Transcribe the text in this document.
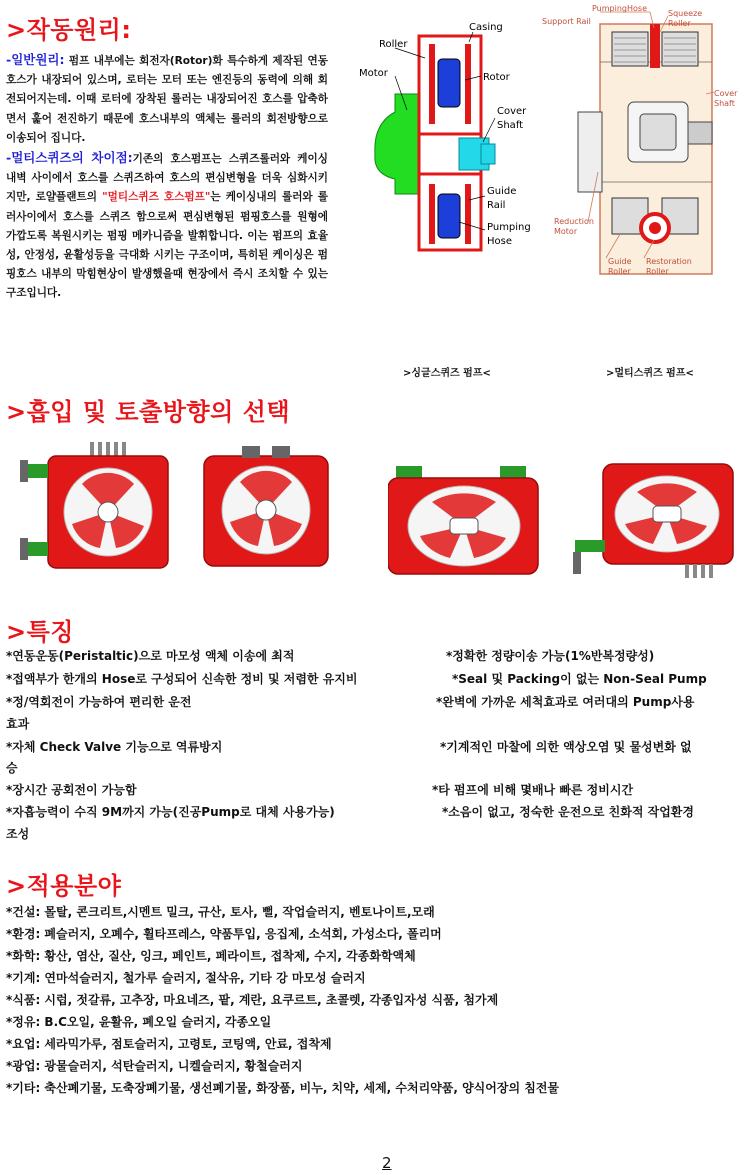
>작동원리:
-일반원리: 펌프 내부에는 회전자(Rotor)화 특수하게 제작된 연동호스가 내장되어 있스며, 로터는 모터 또는 엔진등의 동력에 의해 회전되어지는데. 이때 로터에 장착된 롤러는 내장되어진 호스를 압축하면서 훑어 전진하기 때문에 호스내부의 액체는 롤러의 회전방향으로 이송되어 집니다.
-멀티스퀴즈의 차이점:기존의 호스펌프는 스퀴즈롤러와 케이싱 내벽 사이에서 호스를 스퀴즈하여 호스의 편심변형을 더욱 심화시키지만, 로얄플랜트의 "멀티스퀴즈 호스펌프"는 케이싱내의 롤러와 롤러사이에서 호스를 스퀴즈 함으로써 편심변형된 펌핑호스를 원형에 가깝도록 복원시키는 펌핑 메카니즘을 발휘합니다. 이는 펌프의 효율성, 안정성, 윤활성등을 극대화 시키는 구조이며, 특히된 케이싱은 펌핑호스 내부의 막힘현상이 발생했을때 현장에서 즉시 조치할 수 있는 구조입니다.
Roller
Casing
Motor	Rotor
Cover
Shaft
Guide
Rail
Pumping
Hose
PumpingHose
Squeeze
Roller
Support Rail
Cover
Shaft
Reduction
Motor
Guide
Roller
Restoration
Roller
>싱글스퀴즈 펌프<	>멀티스퀴즈 펌프<
>흡입 및 토출방향의 선택
>특징
*연동운동(Peristaltic)으로 마모성 액체 이송에 최적	*정확한 정량이송 가능(1%반복정량성)
*접액부가 한개의 Hose로 구성되어 신속한 정비 및 저렴한 유지비	*Seal 및 Packing이 없는 Non-Seal Pump
*정/역회전이 가능하여 편리한 운전	*완벽에 가까운 세척효과로 여러대의 Pump사용
효과
*자체 Check Valve 기능으로 역류방지	*기계적인 마찰에 의한 액상오염 및 물성변화 없
승
*장시간 공회전이 가능함	*타 펌프에 비해 몇배나 빠른 정비시간
*자흡능력이 수직 9M까지 가능(진공Pump로 대체 사용가능)	*소음이 없고, 정숙한 운전으로 친화적 작업환경
조성
>적용분야
*건설: 몰탈, 콘크리트,시멘트 밀크, 규산, 토사, 뻘, 작업슬러지, 벤토나이트,모래
*환경: 폐슬러지, 오폐수, 휠타프레스, 약품투입, 응집제, 소석회, 가성소다, 폴리머
*화학: 황산, 염산, 질산, 잉크, 페인트, 페라이트, 접착제, 수지, 각종화학액체
*기계: 연마석슬러지, 철가루 슬러지, 절삭유, 기타 강 마모성 슬러지
*식품: 시럽, 젓갈류, 고추장, 마요네즈, 팥, 계란, 요쿠르트, 초콜렛, 각종입자성 식품, 첨가제
*정유: B.C오일, 윤활유, 폐오일 슬러지, 각종오일
*요업: 세라믹가루, 점토슬러지, 고령토, 코팅액, 안료, 접착제
*광업: 광물슬러지, 석탄슬러지, 니켈슬러지, 황철슬러지
*기타: 축산폐기물, 도축장폐기물, 생선폐기물, 화장품, 비누, 치약, 세제, 수처리약품, 양식어장의 침전물
2
